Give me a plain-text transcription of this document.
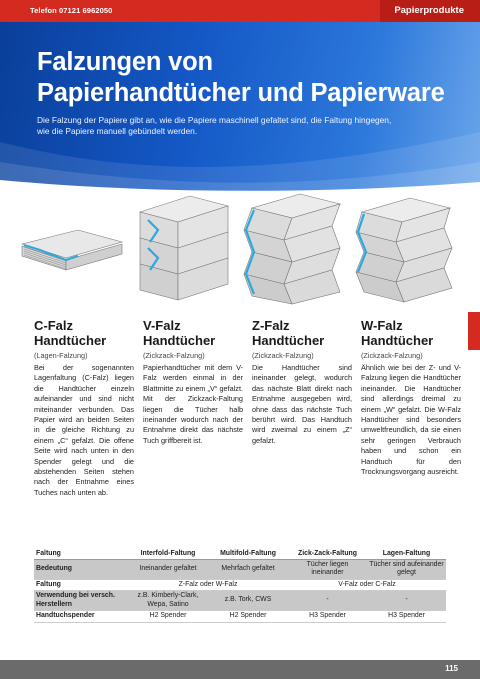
Telefon 07121 6962050	Papierprodukte
Falzungen von
Papierhandtücher und Papierware

Die Falzung der Papiere gibt an, wie die Papiere maschinell gefaltet sind, die Faltung hingegen,
wie die Papiere manuell gebündelt werden.

C-Falz
Handtücher
(Lagen-Falzung)
Bei der sogenannten Lagenfaltung (C-Falz) liegen die Handtücher einzeln aufeinander und sind nicht miteinander verbunden. Das Papier wird an beiden Seiten in die gleiche Richtung zu einem „C“ gefalzt. Die offene Seite wird nach unten in den Spender gelegt und die abstehenden Seiten stehen nach der Entnahme eines Tuches nach unten ab.
V-Falz
Handtücher
(Zickzack-Falzung)
Papierhandtücher mit dem V-Falz werden einmal in der Blattmitte zu einem „V“ gefalzt. Mit der Zickzack-Faltung liegen die Tücher halb ineinander wodurch nach der Entnahme direkt das nächste Tuch griffbereit ist.
Z-Falz
Handtücher
(Zickzack-Falzung)
Die Handtücher sind ineinander gelegt, wodurch das nächste Blatt direkt nach Entnahme ausgegeben wird, ohne dass das nächste Tuch berührt wird. Das Handtuch wird zweimal zu einem „Z“ gefalzt.
W-Falz
Handtücher
(Zickzack-Falzung)
Ähnlich wie bei der Z- und V-Falzung liegen die Handtücher ineinander. Die Handtücher sind allerdings dreimal zu einem „W“ gefalzt. Die W-Falz Handtücher sind besonders umweltfreundlich, da sie einen sehr geringen Verbrauch haben und schon ein Handtuch für den Trocknungsvorgang ausreicht.
Faltung	Interfold-Faltung	Multifold-Faltung	Zick-Zack-Faltung	Lagen-Faltung
Bedeutung	Ineinander gefaltet	Mehrfach gefaltet	Tücher liegen ineinander	Tücher sind aufeinander gelegt
Faltung	Z-Falz oder W-Falz		V-Falz oder C-Falz	
Verwendung bei versch. Herstellern	z.B. Kimberly-Clark, Wepa, Satino	z.B. Tork, CWS	-	-
Handtuchspender	H2 Spender	H2 Spender	H3 Spender	H3 Spender
115
